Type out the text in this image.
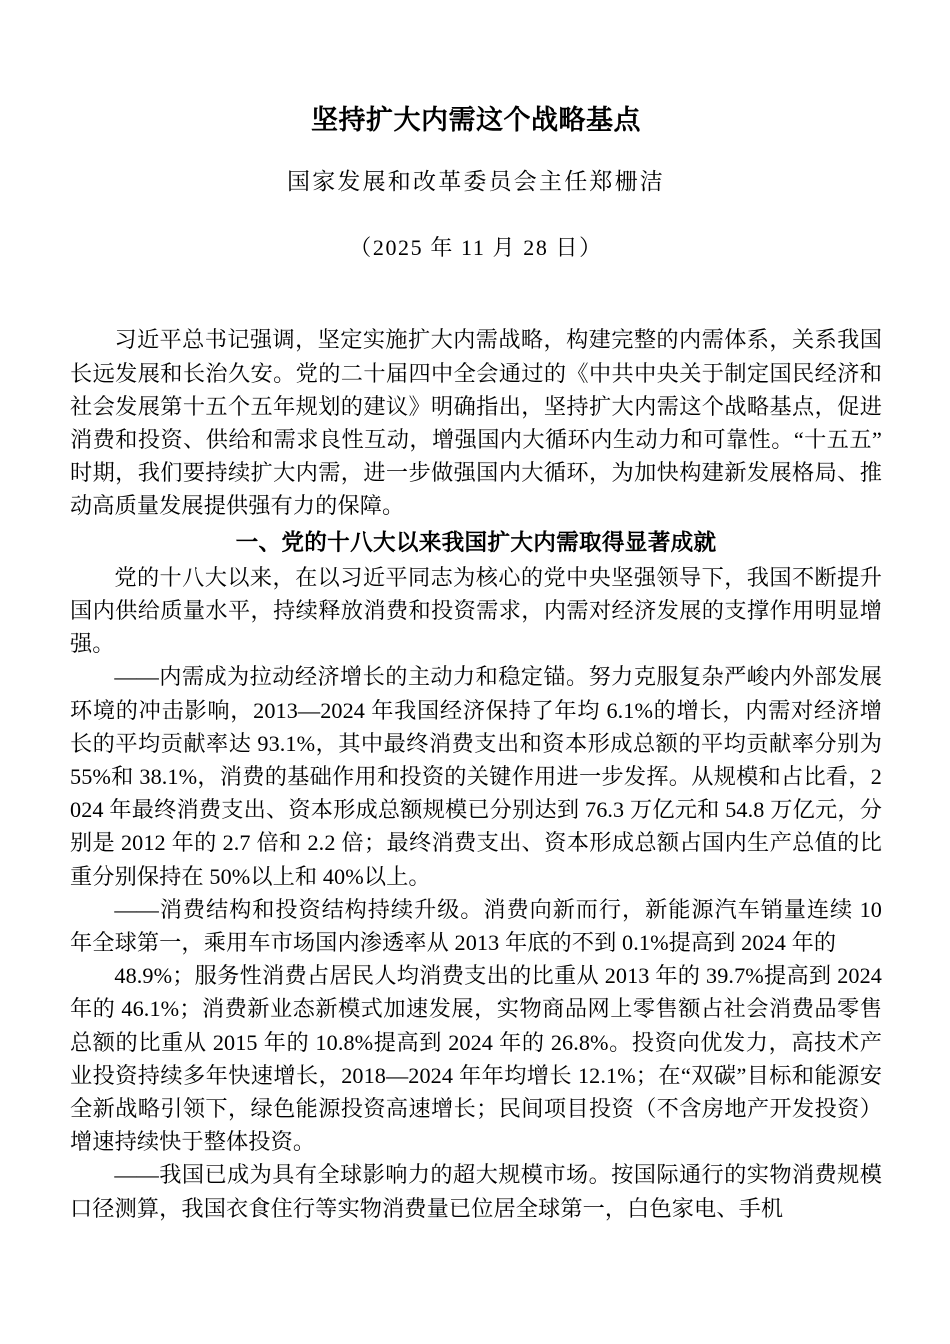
坚持扩大内需这个战略基点
国家发展和改革委员会主任郑栅洁
（2025 年 11 月 28 日）

习近平总书记强调，坚定实施扩大内需战略，构建完整的内需体系，关系我国长远发展和长治久安。党的二十届四中全会通过的《中共中央关于制定国民经济和社会发展第十五个五年规划的建议》明确指出，坚持扩大内需这个战略基点，促进消费和投资、供给和需求良性互动，增强国内大循环内生动力和可靠性。“十五五”时期，我们要持续扩大内需，进一步做强国内大循环，为加快构建新发展格局、推动高质量发展提供强有力的保障。

一、党的十八大以来我国扩大内需取得显著成就

党的十八大以来，在以习近平同志为核心的党中央坚强领导下，我国不断提升国内供给质量水平，持续释放消费和投资需求，内需对经济发展的支撑作用明显增强。

——内需成为拉动经济增长的主动力和稳定锚。努力克服复杂严峻内外部发展环境的冲击影响，2013—2024 年我国经济保持了年均 6.1%的增长，内需对经济增长的平均贡献率达 93.1%，其中最终消费支出和资本形成总额的平均贡献率分别为 55%和 38.1%，消费的基础作用和投资的关键作用进一步发挥。从规模和占比看，2024 年最终消费支出、资本形成总额规模已分别达到 76.3 万亿元和 54.8 万亿元，分别是 2012 年的 2.7 倍和 2.2 倍；最终消费支出、资本形成总额占国内生产总值的比重分别保持在 50%以上和 40%以上。

——消费结构和投资结构持续升级。消费向新而行，新能源汽车销量连续 10 年全球第一，乘用车市场国内渗透率从 2013 年底的不到 0.1%提高到 2024 年的

48.9%；服务性消费占居民人均消费支出的比重从 2013 年的 39.7%提高到 2024 年的 46.1%；消费新业态新模式加速发展，实物商品网上零售额占社会消费品零售总额的比重从 2015 年的 10.8%提高到 2024 年的 26.8%。投资向优发力，高技术产业投资持续多年快速增长，2018—2024 年年均增长 12.1%；在“双碳”目标和能源安全新战略引领下，绿色能源投资高速增长；民间项目投资（不含房地产开发投资）增速持续快于整体投资。

——我国已成为具有全球影响力的超大规模市场。按国际通行的实物消费规模口径测算，我国衣食住行等实物消费量已位居全球第一，白色家电、手机
